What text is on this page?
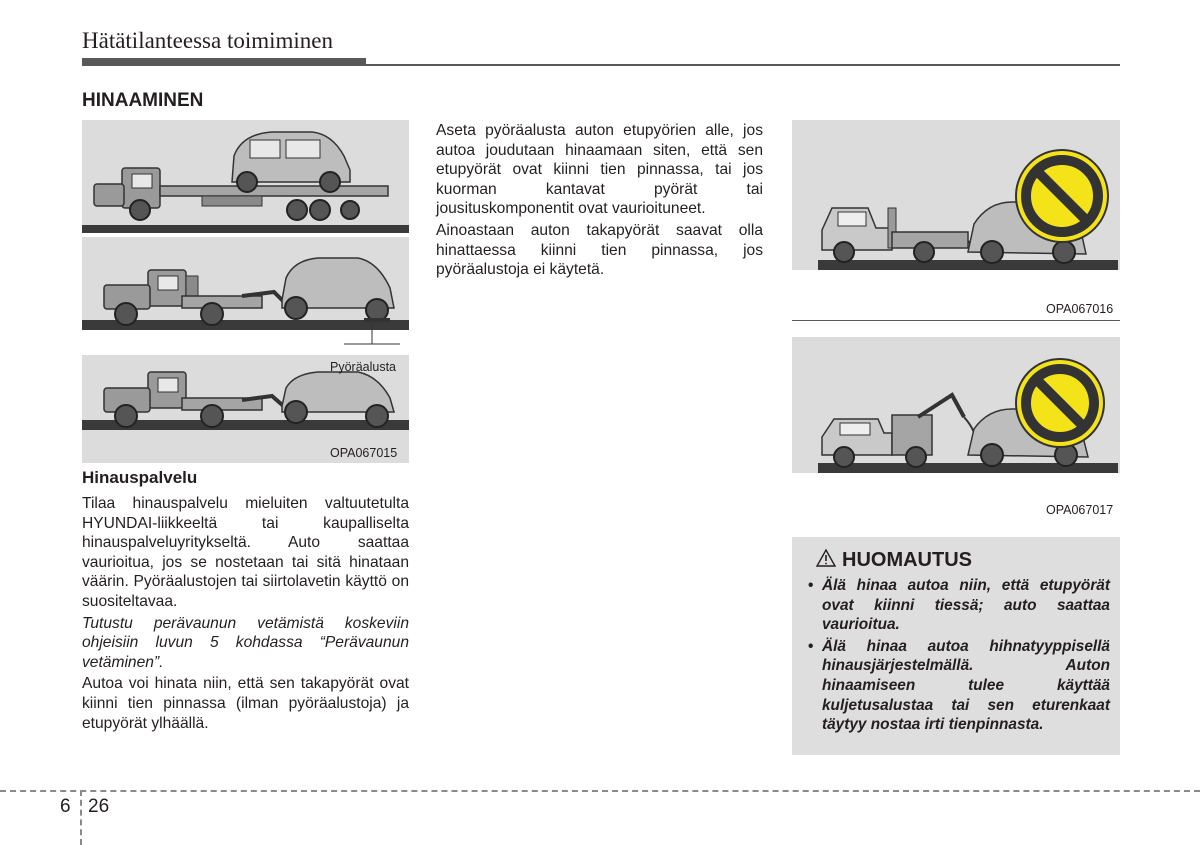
Hätätilanteessa toimiminen
HINAAMINEN
Pyöräalusta
OPA067015
Hinauspalvelu

Tilaa hinauspalvelu mieluiten valtuutetulta HYUNDAI-liikkeeltä tai kaupalliselta hinauspalveluyritykseltä. Auto saattaa vaurioitua, jos se nostetaan tai sitä hinataan väärin. Pyöräalustojen tai siirtolavetin käyttö on suositeltavaa.

Tutustu perävaunun vetämistä koskeviin ohjeisiin luvun 5 kohdassa “Perävaunun vetäminen”.

Autoa voi hinata niin, että sen takapyörät ovat kiinni tien pinnassa (ilman pyöräalustoja) ja etupyörät ylhäällä.

Aseta pyöräalusta auton etupyörien alle, jos autoa joudutaan hinaamaan siten, että sen etupyörät ovat kiinni tien pinnassa, tai jos kuorman kantavat pyörät tai jousituskomponentit ovat vaurioituneet.

Ainoastaan auton takapyörät saavat olla hinattaessa kiinni tien pinnassa, jos pyöräalustoja ei käytetä.

OPA067016
OPA067017
HUOMAUTUS
• Älä hinaa autoa niin, että etupyörät ovat kiinni tiessä; auto saattaa vaurioitua.
• Älä hinaa autoa hihnatyyppisellä hinausjärjestelmällä. Auton hinaamiseen tulee käyttää kuljetusalustaa tai sen eturenkaat täytyy nostaa irti tienpinnasta.
6 26
